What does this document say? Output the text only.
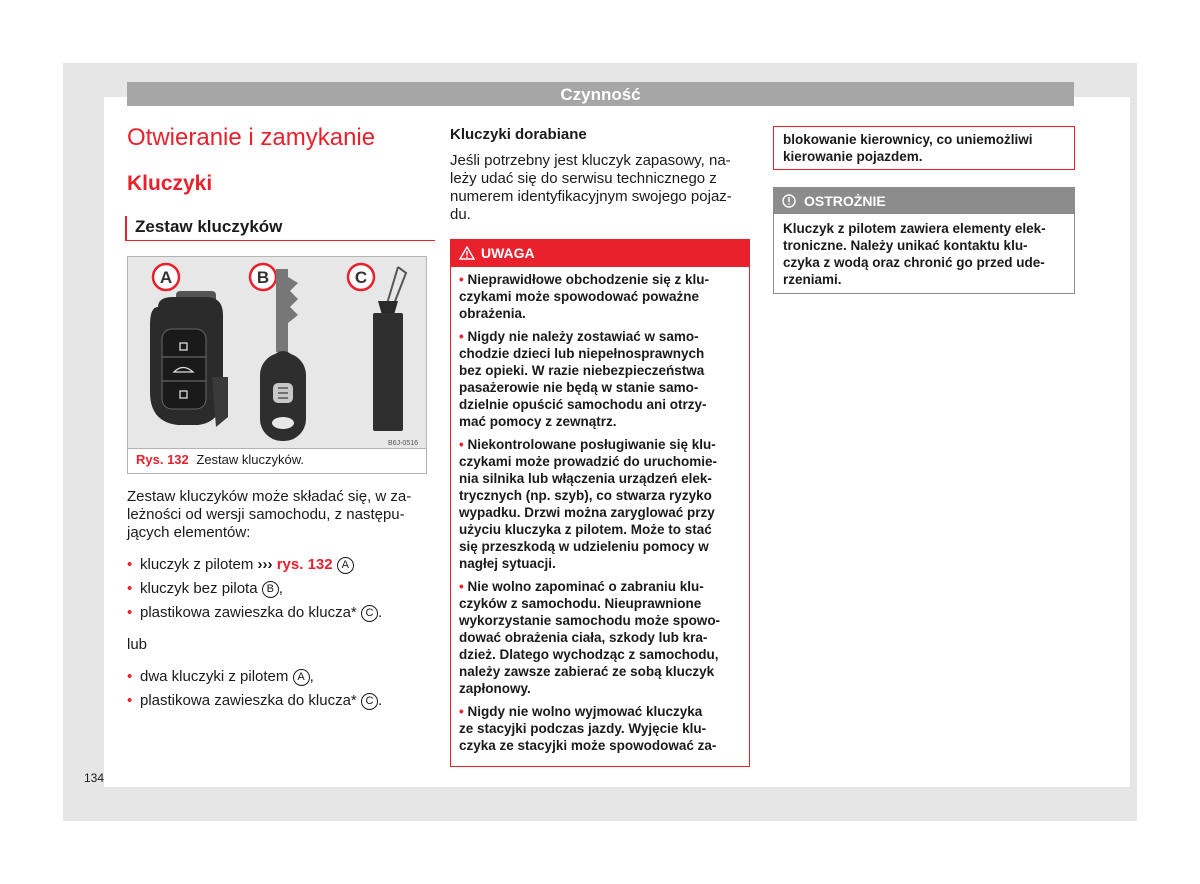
Czynność
Otwieranie i zamykanie
Kluczyki
Zestaw kluczyków
A	B	C
B6J-0516
Rys. 132 Zestaw kluczyków.
Zestaw kluczyków może składać się, w za-
leżności od wersji samochodu, z następu-
jących elementów:
• kluczyk z pilotem ››› rys. 132 A
• kluczyk bez pilota B ,
• plastikowa zawieszka do klucza* C .
lub
• dwa kluczyki z pilotem A ,
• plastikowa zawieszka do klucza* C .
Kluczyki dorabiane
Jeśli potrzebny jest kluczyk zapasowy, na-
leży udać się do serwisu technicznego z
numerem identyfikacyjnym swojego pojaz-
du.
UWAGA

• Nieprawidłowe obchodzenie się z klu-
czykami może spowodować poważne
obrażenia.

• Nigdy nie należy zostawiać w samo-
chodzie dzieci lub niepełnosprawnych
bez opieki. W razie niebezpieczeństwa
pasażerowie nie będą w stanie samo-
dzielnie opuścić samochodu ani otrzy-
mać pomocy z zewnątrz.

• Niekontrolowane posługiwanie się klu-
czykami może prowadzić do uruchomie-
nia silnika lub włączenia urządzeń elek-
trycznych (np. szyb), co stwarza ryzyko
wypadku. Drzwi można zaryglować przy
użyciu kluczyka z pilotem. Może to stać
się przeszkodą w udzieleniu pomocy w
nagłej sytuacji.

• Nie wolno zapominać o zabraniu klu-
czyków z samochodu. Nieuprawnione
wykorzystanie samochodu może spowo-
dować obrażenia ciała, szkody lub kra-
dzież. Dlatego wychodząc z samochodu,
należy zawsze zabierać ze sobą kluczyk
zapłonowy.

• Nigdy nie wolno wyjmować kluczyka
ze stacyjki podczas jazdy. Wyjęcie klu-
czyka ze stacyjki może spowodować za-

blokowanie kierownicy, co uniemożliwi
kierowanie pojazdem.
OSTROŻNIE
Kluczyk z pilotem zawiera elementy elek-
troniczne. Należy unikać kontaktu klu-
czyka z wodą oraz chronić go przed ude-
rzeniami.
134
